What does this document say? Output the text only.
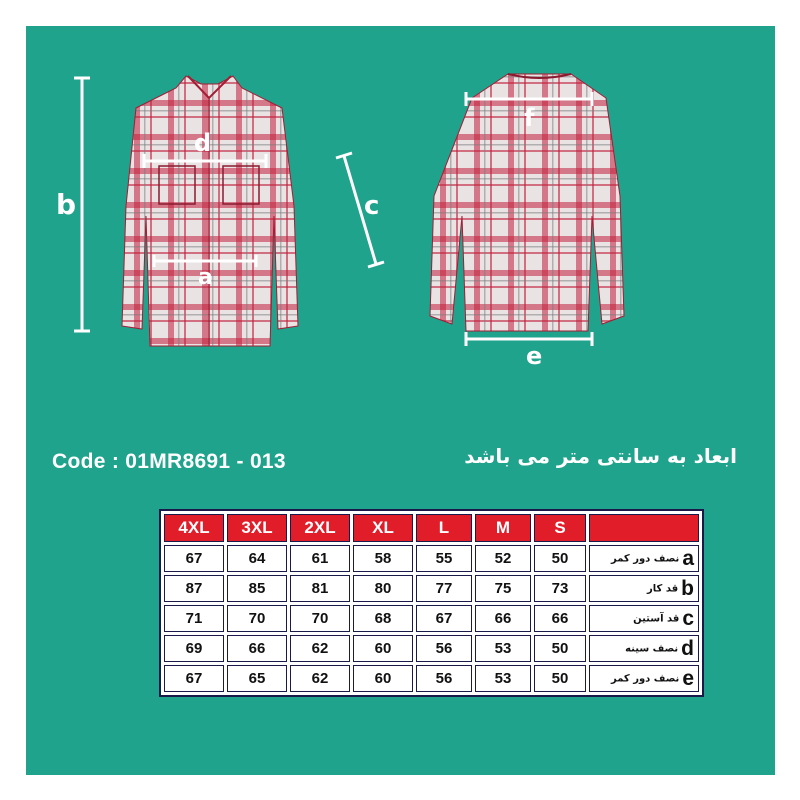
b
d
a
c
f
e
Code : 01MR8691 - 013	ابعاد به سانتی متر می باشد
4XL	3XL	2XL	XL	L	M	S	
67	64	61	58	55	52	50	نصف دور کمر a
87	85	81	80	77	75	73	قد کار b
71	70	70	68	67	66	66	قد آستین c
69	66	62	60	56	53	50	نصف سینه d
67	65	62	60	56	53	50	نصف دور کمر e
